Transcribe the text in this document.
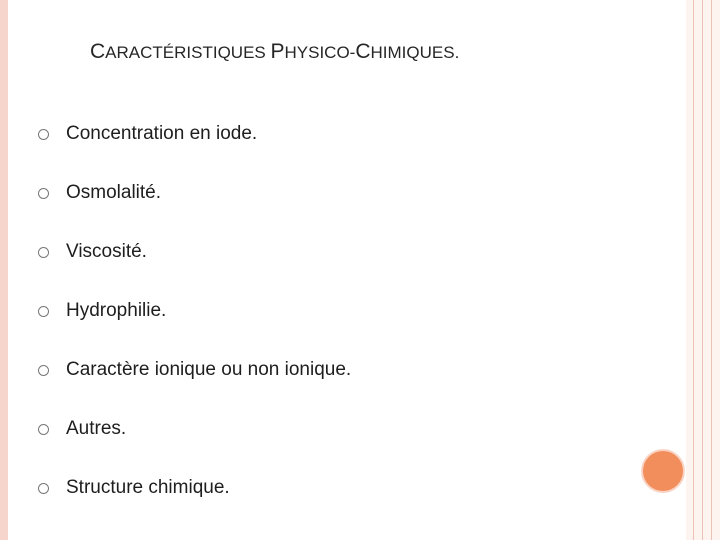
CARACTÉRISTIQUES PHYSICO-CHIMIQUES.
Concentration en iode.
Osmolalité.
Viscosité.
Hydrophilie.
Caractère ionique ou non ionique.
Autres.
Structure chimique.
